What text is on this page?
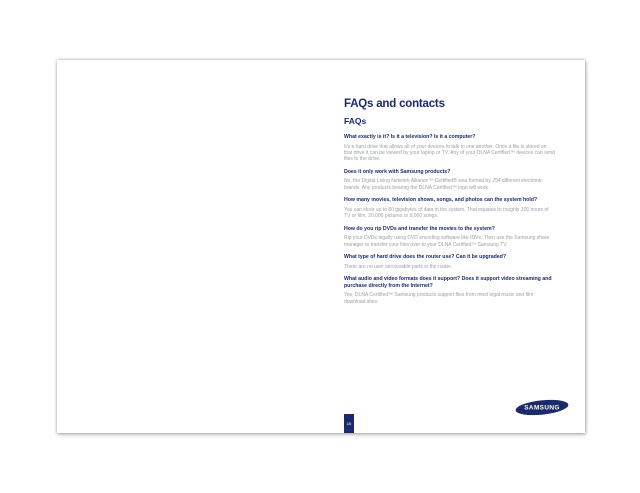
FAQs and contacts
FAQs
What exactly is it? Is it a television? Is it a computer?
It's a hard drive that allows all of your devices to talk to one another. Once a file is stored on that drive it can be viewed by your laptop or TV. Any of your DLNA Certified™ devices can send files to the drive.
Does it only work with Samsung products?
No, the Digital Living Network Alliance™ Certified® was formed by 254 different electronic brands. Any products bearing the DLNA Certified™ logo will work.
How many movies, television shows, songs, and photos can the system hold?
You can store up to 80 gigabytes of data in the system. That equates to roughly 100 hours of TV or film, 20,000 pictures or 9,000 songs.
How do you rip DVDs and transfer the movies to the system?
Rip your DVDs legally using DVD encoding software like IDVx. Then use the Samsung share manager to transfer your files over to your DLNA Certified™ Samsung TV.
What type of hard drive does the router use? Can it be upgraded?
There are no user serviceable parts in the router.
What audio and video formats does it support? Does it support video streaming and purchase directly from the Internet?
Yes, DLNA Certified™ Samsung products support files from most legal music and film download sites.
16
SAMSUNG
